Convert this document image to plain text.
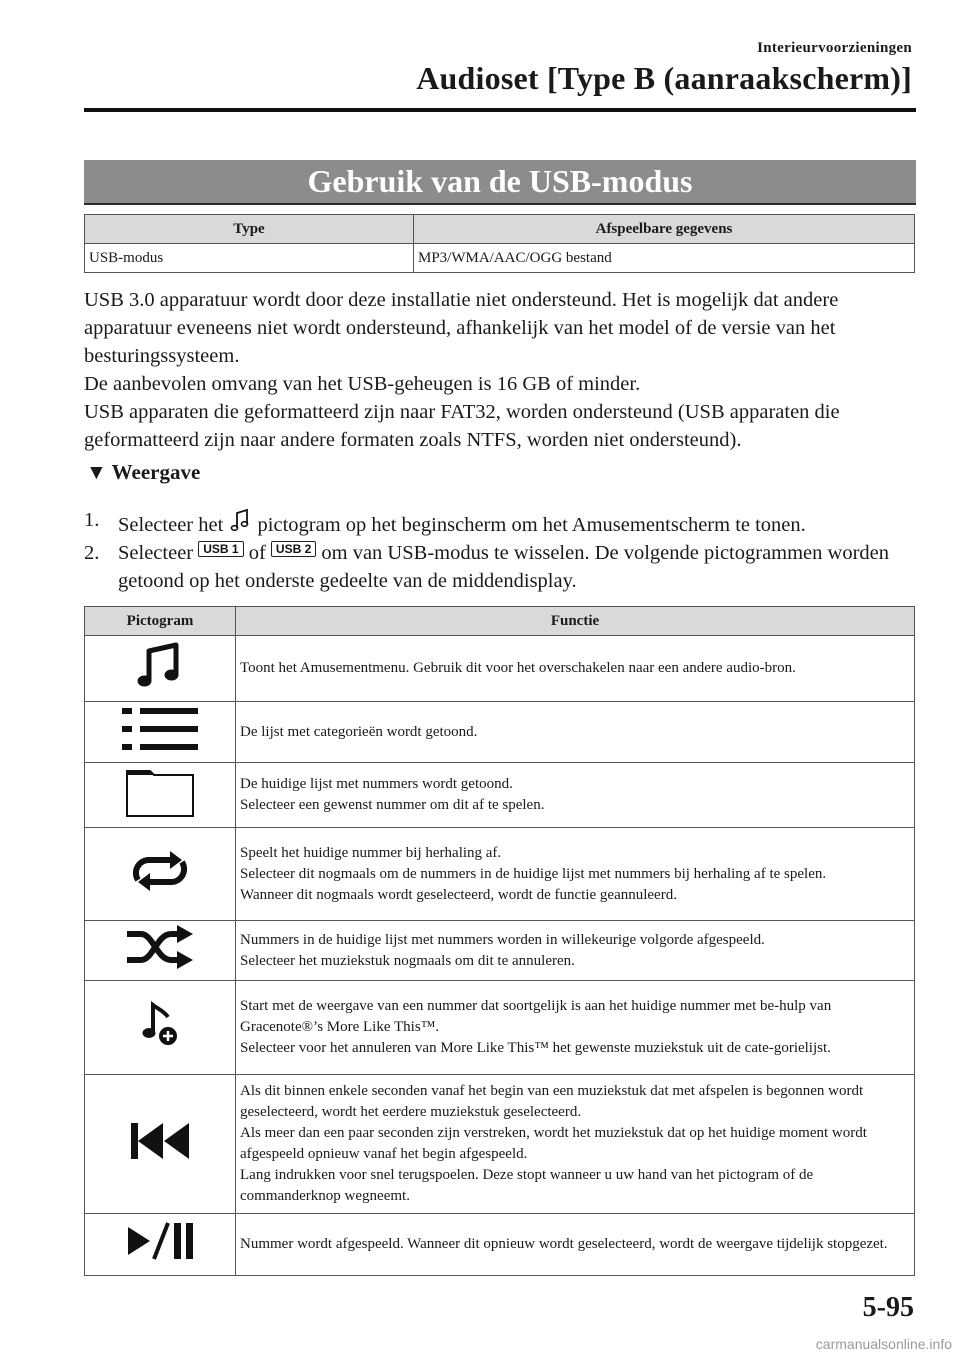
Interieurvoorzieningen
Audioset [Type B (aanraakscherm)]
Gebruik van de USB-modus
Type	Afspeelbare gegevens
USB-modus	MP3/WMA/AAC/OGG bestand

USB 3.0 apparatuur wordt door deze installatie niet ondersteund. Het is mogelijk dat andere apparatuur eveneens niet wordt ondersteund, afhankelijk van het model of de versie van het besturingssysteem.

De aanbevolen omvang van het USB-geheugen is 16 GB of minder.

USB apparaten die geformatteerd zijn naar FAT32, worden ondersteund (USB apparaten die geformatteerd zijn naar andere formaten zoals NTFS, worden niet ondersteund).

▼ Weergave
1. Selecteer het pictogram op het beginscherm om het Amusementscherm te tonen.
2. Selecteer USB 1 of USB 2 om van USB-modus te wisselen. De volgende pictogrammen worden getoond op het onderste gedeelte van de middendisplay.
Pictogram	Functie

Toont het Amusementmenu. Gebruik dit voor het overschakelen naar een andere audio-bron.

De lijst met categorieën wordt getoond.

De huidige lijst met nummers wordt getoond.
Selecteer een gewenst nummer om dit af te spelen.

Speelt het huidige nummer bij herhaling af.
Selecteer dit nogmaals om de nummers in de huidige lijst met nummers bij herhaling af te spelen.
Wanneer dit nogmaals wordt geselecteerd, wordt de functie geannuleerd.

Nummers in de huidige lijst met nummers worden in willekeurige volgorde afgespeeld.
Selecteer het muziekstuk nogmaals om dit te annuleren.

Start met de weergave van een nummer dat soortgelijk is aan het huidige nummer met be-hulp van Gracenote®’s More Like This™.
Selecteer voor het annuleren van More Like This™ het gewenste muziekstuk uit de cate-gorielijst.

Als dit binnen enkele seconden vanaf het begin van een muziekstuk dat met afspelen is begonnen wordt geselecteerd, wordt het eerdere muziekstuk geselecteerd.
Als meer dan een paar seconden zijn verstreken, wordt het muziekstuk dat op het huidige moment wordt afgespeeld opnieuw vanaf het begin afgespeeld.
Lang indrukken voor snel terugspoelen. Deze stopt wanneer u uw hand van het pictogram of de commanderknop wegneemt.

Nummer wordt afgespeeld. Wanneer dit opnieuw wordt geselecteerd, wordt de weergave tijdelijk stopgezet.
5-95
carmanualsonline.info
